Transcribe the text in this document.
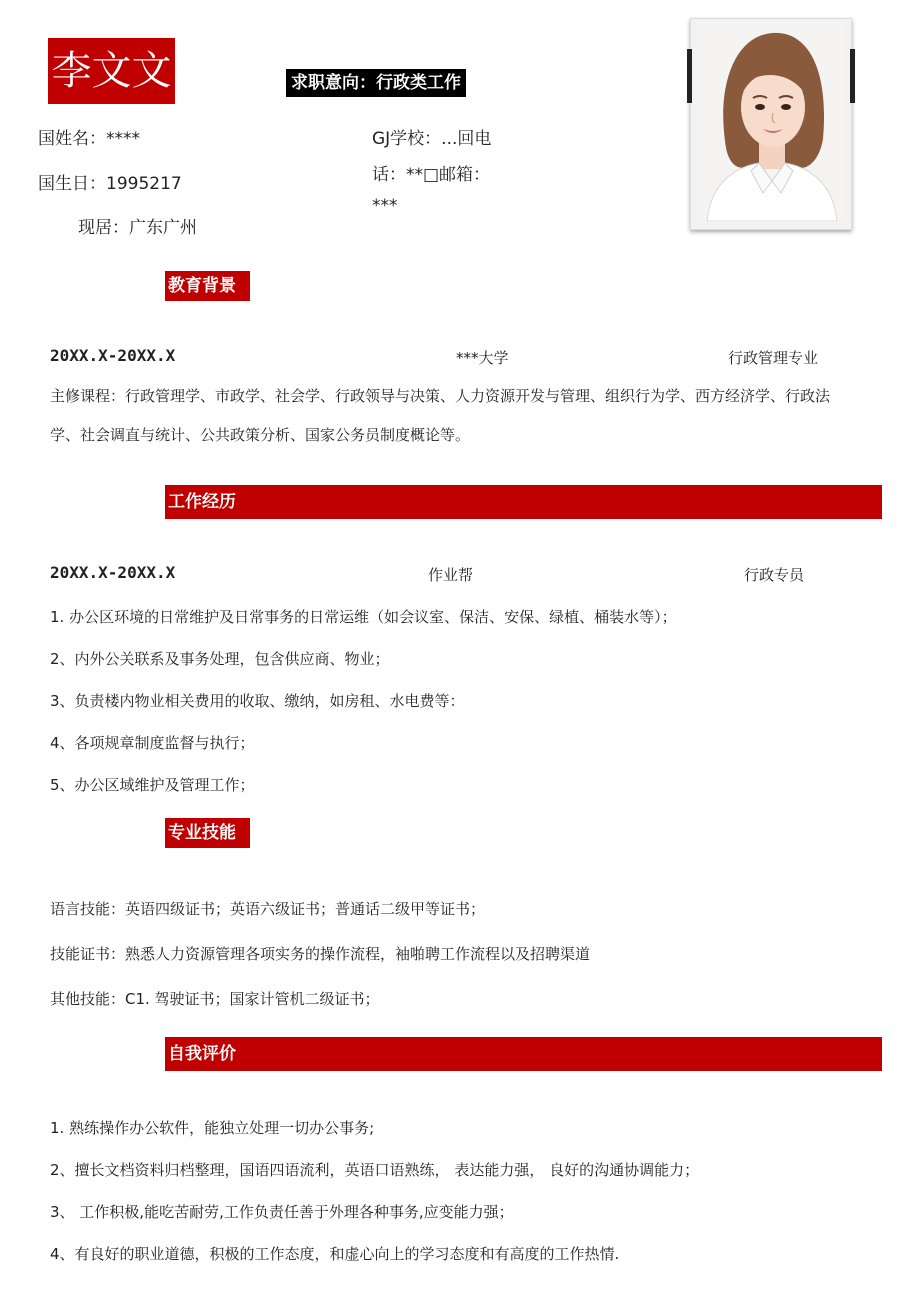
李文文	求职意向：行政类工作
国姓名：****	GJ学校：...回电
国生日：1995217	话：**□邮箱：
***
现居：广东广州
教育背景
20XX.X-20XX.X	***大学	行政管理专业
主修课程：行政管理学、市政学、社会学、行政领导与决策、人力资源开发与管理、组织行为学、西方经济学、行政法
学、社会调直与统计、公共政策分析、国家公务员制度概论等。
工作经历
20XX.X-20XX.X	作业帮	行政专员
1. 办公区环境的日常维护及日常事务的日常运维（如会议室、保洁、安保、绿植、桶装水等）；
2、内外公关联系及事务处理，包含供应商、物业；
3、负责楼内物业相关费用的收取、缴纳，如房租、水电费等：
4、各项规章制度监督与执行；
5、办公区域维护及管理工作；
专业技能
语言技能：英语四级证书；英语六级证书；普通话二级甲等证书；
技能证书：熟悉人力资源管理各项实务的操作流程，袖啪聘工作流程以及招聘渠道
其他技能：C1. 驾驶证书；国家计管机二级证书；
自我评价
1. 熟练操作办公软件，能独立处理一切办公事务;
2、擅长文档资料归档整理，国语四语流利，英语口语熟练， 表达能力强， 良好的沟通协调能力；
3、 工作积极,能吃苦耐劳,工作负责任善于外理各种事务,应变能力强；
4、有良好的职业道德，积极的工作态度，和虚心向上的学习态度和有高度的工作热情.
